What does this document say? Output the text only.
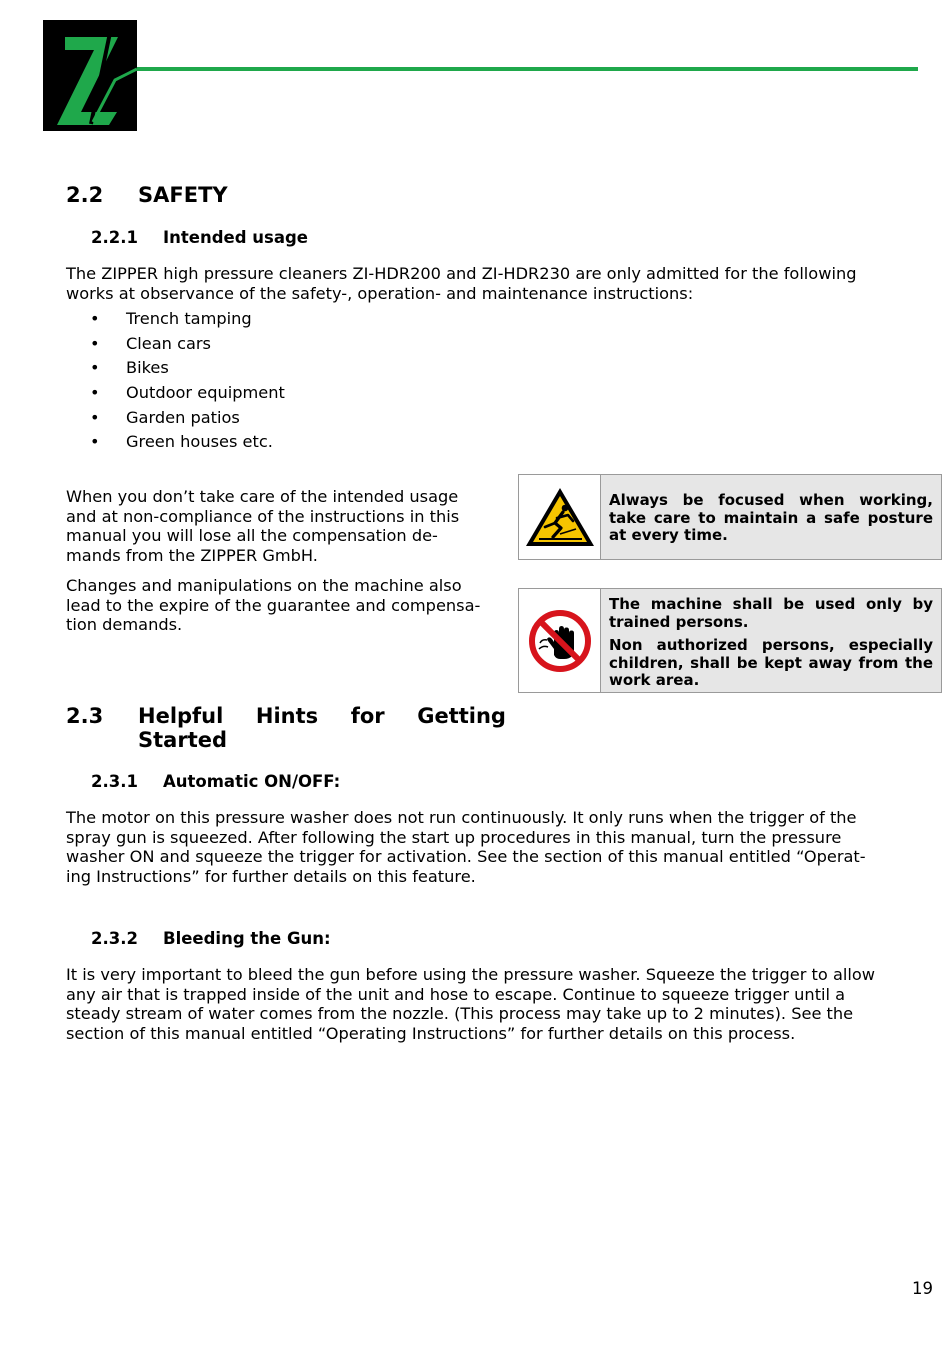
2.2 SAFETY
2.2.1 Intended usage
The ZIPPER high pressure cleaners ZI-HDR200 and ZI-HDR230 are only admitted for the following
works at observance of the safety-, operation- and maintenance instructions:
• Trench tamping
• Clean cars
• Bikes
• Outdoor equipment
• Garden patios
• Green houses etc.
When you don’t take care of the intended usage
and at non-compliance of the instructions in this
manual you will lose all the compensation de-
mands from the ZIPPER GmbH.
Changes and manipulations on the machine also
lead to the expire of the guarantee and compensa-
tion demands.

Always be focused when working, take care to maintain a safe posture at every time.

The machine shall be used only by trained persons.

Non authorized persons, especially children, shall be kept away from the work area.

2.3 Helpful Hints for Getting
Started
2.3.1 Automatic ON/OFF:
The motor on this pressure washer does not run continuously. It only runs when the trigger of the
spray gun is squeezed. After following the start up procedures in this manual, turn the pressure
washer ON and squeeze the trigger for activation. See the section of this manual entitled “Operat-
ing Instructions” for further details on this feature.
2.3.2 Bleeding the Gun:
It is very important to bleed the gun before using the pressure washer. Squeeze the trigger to allow
any air that is trapped inside of the unit and hose to escape. Continue to squeeze trigger until a
steady stream of water comes from the nozzle. (This process may take up to 2 minutes). See the
section of this manual entitled “Operating Instructions” for further details on this process.
19
